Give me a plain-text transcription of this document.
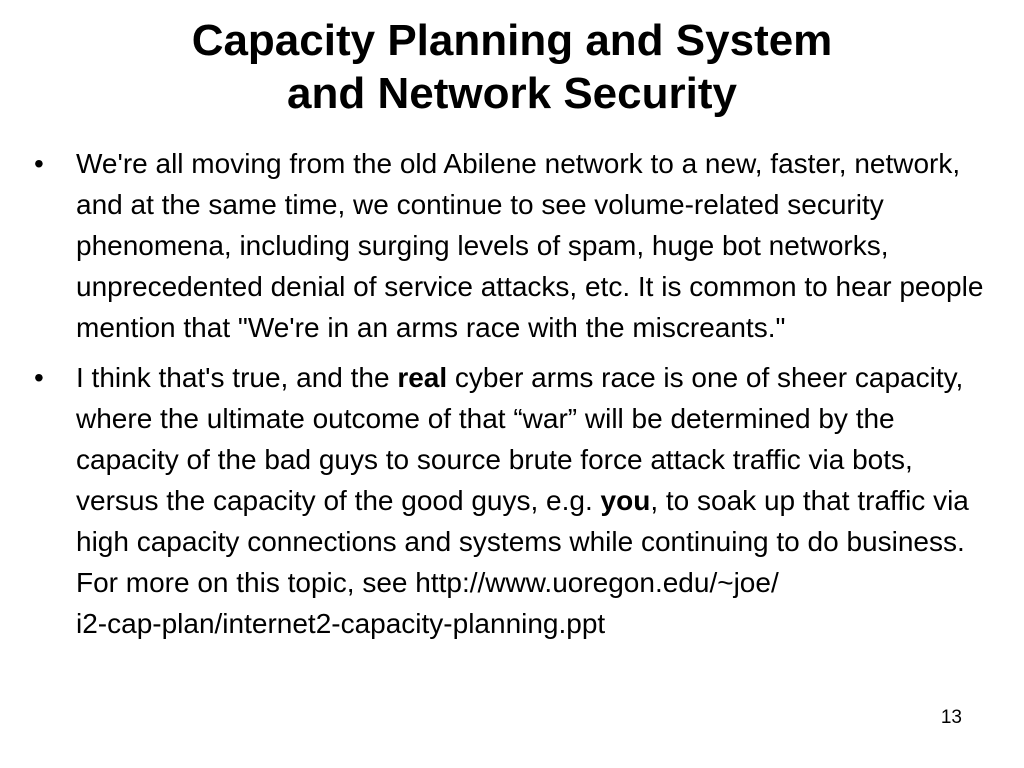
Capacity Planning and System
and Network Security
•	We're all moving from the old Abilene network to a new, faster, network, and at the same time, we continue to see volume-related security phenomena, including surging levels of spam, huge bot networks, unprecedented denial of service attacks, etc. It is common to hear people mention that "We're in an arms race with the miscreants."
•	I think that's true, and the real cyber arms race is one of sheer capacity, where the ultimate outcome of that “war” will be determined by the capacity of the bad guys to source brute force attack traffic via bots, versus the capacity of the good guys, e.g. you, to soak up that traffic via high capacity connections and systems while continuing to do business. For more on this topic, see http://www.uoregon.edu/~joe/
i2-cap-plan/internet2-capacity-planning.ppt
13
